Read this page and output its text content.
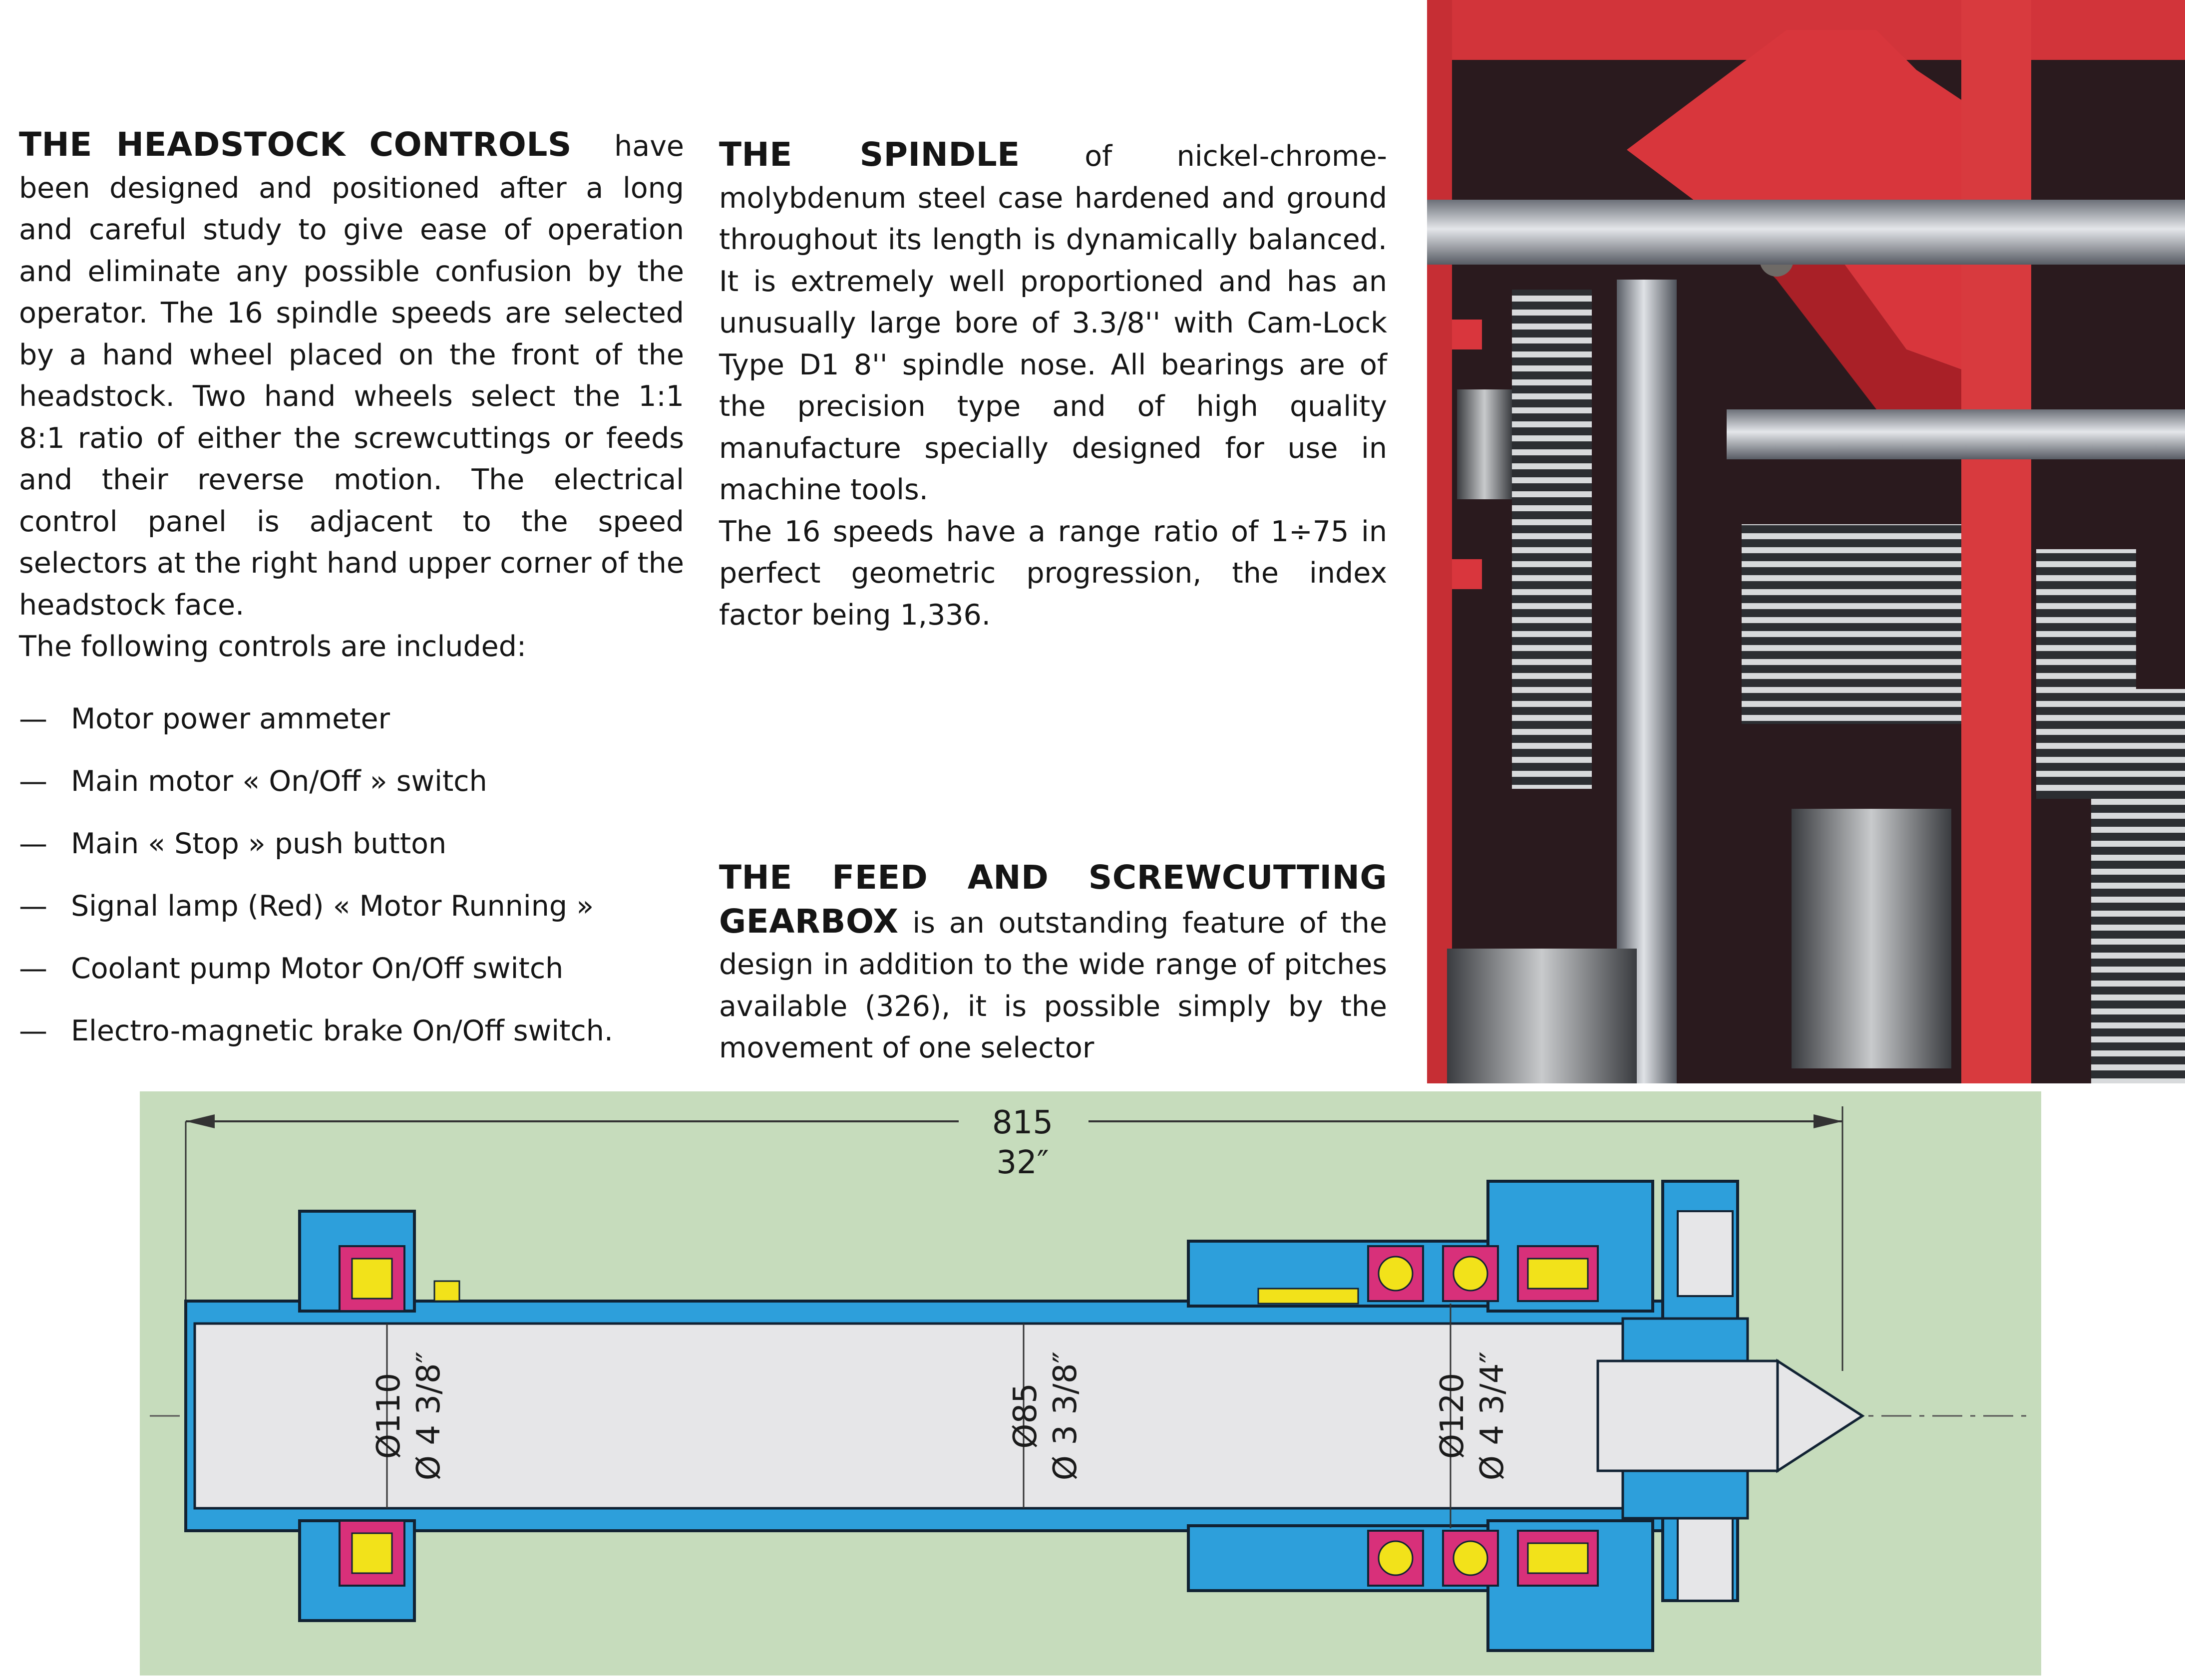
THE HEADSTOCK CONTROLS have been designed and positioned after a long and careful study to give ease of operation and eliminate any possible confusion by the operator. The 16 spindle speeds are selected by a hand wheel placed on the front of the headstock. Two hand wheels select the 1:1 8:1 ratio of either the screwcuttings or feeds and their reverse motion. The electrical control panel is adjacent to the speed selectors at the right hand upper corner of the headstock face.

The following controls are included:

— Motor power ammeter
— Main motor « On/Off » switch
— Main « Stop » push button
— Signal lamp (Red) « Motor Running »
— Coolant pump Motor On/Off switch
— Electro-magnetic brake On/Off switch.

THE SPINDLE of nickel-chrome-molybdenum steel case hardened and ground throughout its length is dynamically balanced. It is extremely well proportioned and has an unusually large bore of 3.3/8'' with Cam-Lock Type D1 8'' spindle nose. All bearings are of the precision type and of high quality manufacture specially designed for use in machine tools.

The 16 speeds have a range ratio of 1÷75 in perfect geometric progression, the index factor being 1,336.

THE FEED AND SCREWCUTTING GEARBOX is an outstanding feature of the design in addition to the wide range of pitches available (326), it is possible simply by the movement of one selector

815
32″
Ø110 Ø 4 3/8″	Ø85 Ø 3 3/8″	Ø120 Ø 4 3/4″
